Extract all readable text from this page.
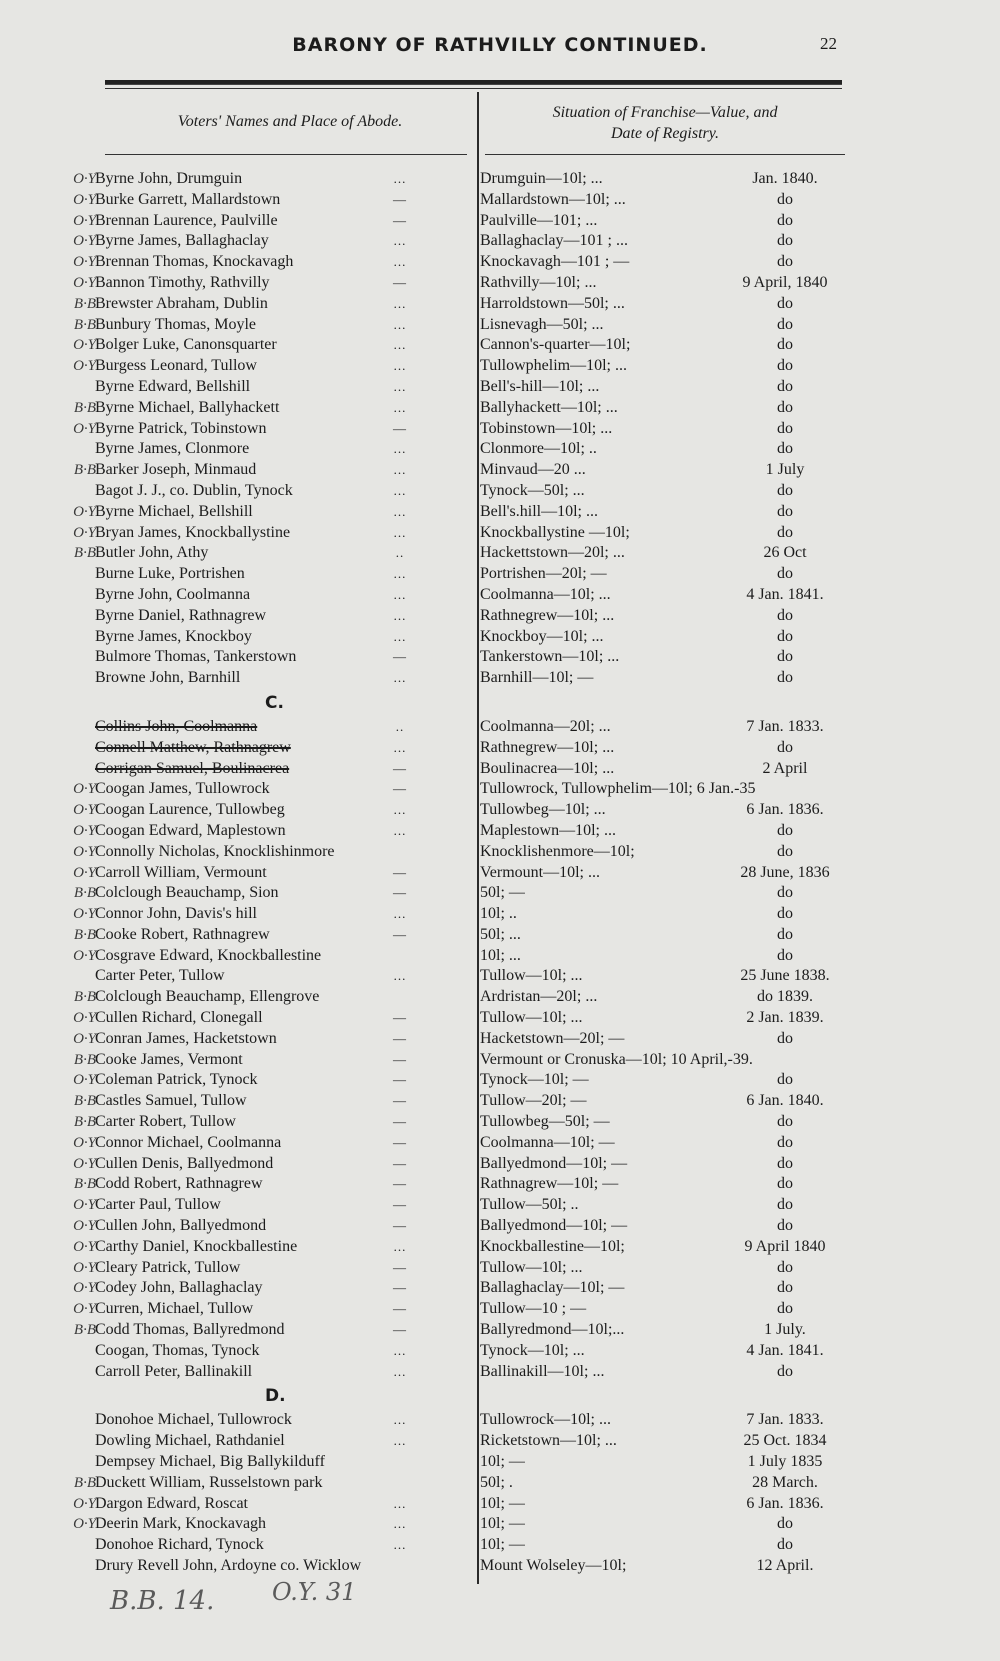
BARONY OF RATHVILLY CONTINUED.	22
Voters' Names and Place of Abode.
Situation of Franchise—Value, and
Date of Registry.
O·Y Byrne John, Drumguin	...	Drumguin—10l; ...	Jan. 1840.
O·Y Burke Garrett, Mallardstown	—	Mallardstown—10l; ...	do
O·Y Brennan Laurence, Paulville	—	Paulville—101; ...	do
O·Y Byrne James, Ballaghaclay	...	Ballaghaclay—101 ; ...	do
O·Y Brennan Thomas, Knockavagh	...	Knockavagh—101 ; —	do
O·Y Bannon Timothy, Rathvilly	—	Rathvilly—10l; ...	9 April, 1840
B·B Brewster Abraham, Dublin	...	Harroldstown—50l; ...	do
B·B Bunbury Thomas, Moyle	...	Lisnevagh—50l; ...	do
O·Y Bolger Luke, Canonsquarter	...	Cannon's-quarter—10l;	do
O·Y Burgess Leonard, Tullow	...	Tullowphelim—10l; ...	do
Byrne Edward, Bellshill	...	Bell's-hill—10l; ...	do
B·B Byrne Michael, Ballyhackett	...	Ballyhackett—10l; ...	do
O·Y Byrne Patrick, Tobinstown	—	Tobinstown—10l; ...	do
Byrne James, Clonmore	...	Clonmore—10l; ..	do
B·B Barker Joseph, Minmaud	...	Minvaud—20 ...	1 July
Bagot J. J., co. Dublin, Tynock	...	Tynock—50l; ...	do
O·Y Byrne Michael, Bellshill	...	Bell's.hill—10l; ...	do
O·Y Bryan James, Knockballystine	...	Knockballystine —10l;	do
B·B Butler John, Athy	..	Hackettstown—20l; ...	26 Oct
Burne Luke, Portrishen	...	Portrishen—20l; —	do
Byrne John, Coolmanna	...	Coolmanna—10l; ...	4 Jan. 1841.
Byrne Daniel, Rathnagrew	...	Rathnegrew—10l; ...	do
Byrne James, Knockboy	...	Knockboy—10l; ...	do
Bulmore Thomas, Tankerstown	—	Tankerstown—10l; ...	do
Browne John, Barnhill	...	Barnhill—10l; —	do
C.
Collins John, Coolmanna	..	Coolmanna—20l; ...	7 Jan. 1833.
Connell Matthew, Rathnagrew	...	Rathnegrew—10l; ...	do
Corrigan Samuel, Boulinacrea	—	Boulinacrea—10l; ...	2 April
O·Y Coogan James, Tullowrock	—	Tullowrock, Tullowphelim—10l; 6 Jan.-35
O·Y Coogan Laurence, Tullowbeg	...	Tullowbeg—10l; ...	6 Jan. 1836.
O·Y Coogan Edward, Maplestown	...	Maplestown—10l; ...	do
O·Y Connolly Nicholas, Knocklishinmore	Knocklishenmore—10l;	do
O·Y Carroll William, Vermount	—	Vermount—10l; ...	28 June, 1836
B·B Colclough Beauchamp, Sion	—	50l; —	do
O·Y Connor John, Davis's hill	...	10l; ..	do
B·B Cooke Robert, Rathnagrew	—	50l; ...	do
O·Y Cosgrave Edward, Knockballestine	10l; ...	do
Carter Peter, Tullow	...	Tullow—10l; ...	25 June 1838.
B·B Colclough Beauchamp, Ellengrove	Ardristan—20l; ...	do 1839.
O·Y Cullen Richard, Clonegall	—	Tullow—10l; ...	2 Jan. 1839.
O·Y Conran James, Hacketstown	—	Hacketstown—20l; —	do
B·B Cooke James, Vermont	—	Vermount or Cronuska—10l; 10 April,-39.
O·Y Coleman Patrick, Tynock	—	Tynock—10l; —	do
B·B Castles Samuel, Tullow	—	Tullow—20l; —	6 Jan. 1840.
B·B Carter Robert, Tullow	—	Tullowbeg—50l; —	do
O·Y Connor Michael, Coolmanna	—	Coolmanna—10l; —	do
O·Y Cullen Denis, Ballyedmond	—	Ballyedmond—10l; —	do
B·B Codd Robert, Rathnagrew	—	Rathnagrew—10l; —	do
O·Y Carter Paul, Tullow	—	Tullow—50l; ..	do
O·Y Cullen John, Ballyedmond	—	Ballyedmond—10l; —	do
O·Y Carthy Daniel, Knockballestine	...	Knockballestine—10l;	9 April 1840
O·Y Cleary Patrick, Tullow	—	Tullow—10l; ...	do
O·Y Codey John, Ballaghaclay	—	Ballaghaclay—10l; —	do
O·Y Curren, Michael, Tullow	—	Tullow—10 ; —	do
B·B Codd Thomas, Ballyredmond	—	Ballyredmond—10l;...	1 July.
Coogan, Thomas, Tynock	...	Tynock—10l; ...	4 Jan. 1841.
Carroll Peter, Ballinakill	...	Ballinakill—10l; ...	do
D.
Donohoe Michael, Tullowrock	...	Tullowrock—10l; ...	7 Jan. 1833.
Dowling Michael, Rathdaniel	...	Ricketstown—10l; ...	25 Oct. 1834
Dempsey Michael, Big Ballykilduff	10l; —	1 July 1835
B·B Duckett William, Russelstown park	50l; .	28 March.
O·Y Dargon Edward, Roscat	...	10l; —	6 Jan. 1836.
O·Y Deerin Mark, Knockavagh	...	10l; —	do
Donohoe Richard, Tynock	...	10l; —	do
Drury Revell John, Ardoyne co. Wicklow	Mount Wolseley—10l;	12 April.
B.B. 14. O.Y. 31
